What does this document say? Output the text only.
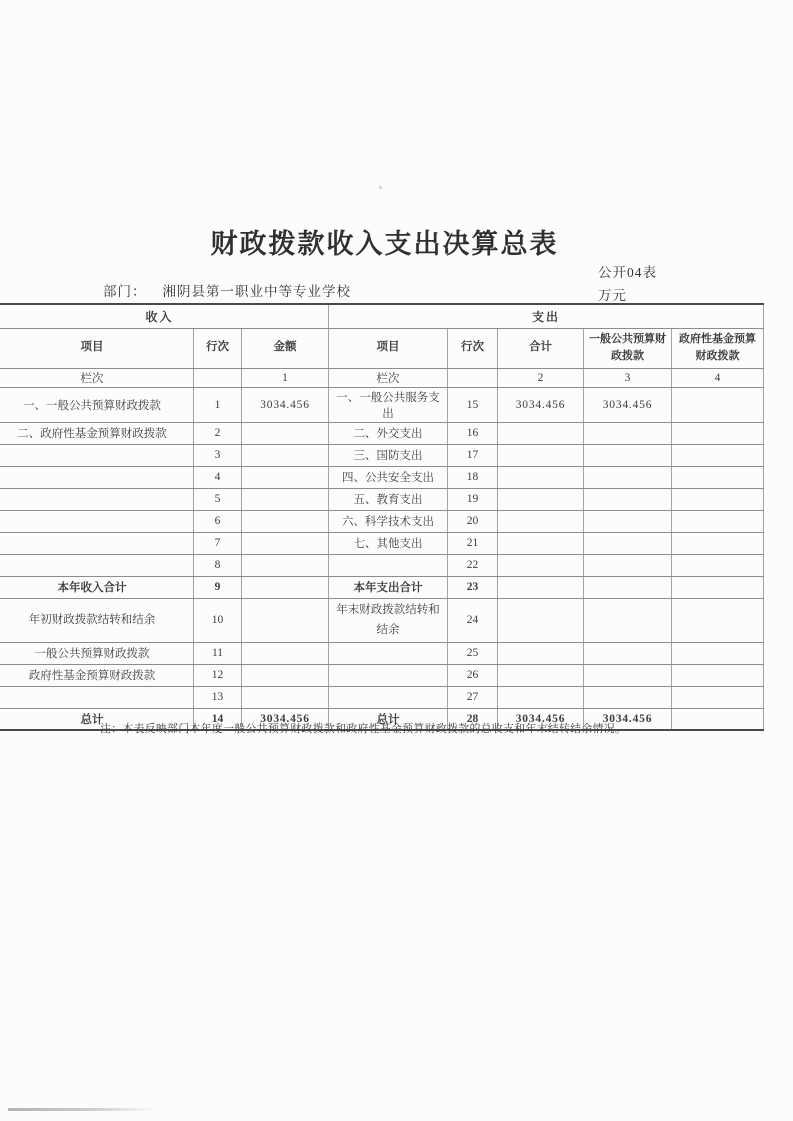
财政拨款收入支出决算总表
公开04表
万元
部门： 湘阴县第一职业中等专业学校
收入			支出				
项目	行次	金额	项目	行次	合计	一般公共预算财政拨款	政府性基金预算财政拨款
栏次		1	栏次		2	3	4
一、一般公共预算财政拨款	1	3034.456	一、一般公共服务支出	15	3034.456	3034.456	
二、政府性基金预算财政拨款	2		二、外交支出	16			
	3		三、国防支出	17			
	4		四、公共安全支出	18			
	5		五、教育支出	19			
	6		六、科学技术支出	20			
	7		七、其他支出	21			
	8			22			
本年收入合计	9		本年支出合计	23			
年初财政拨款结转和结余	10		年末财政拨款结转和结余	24			
一般公共预算财政拨款	11			25			
政府性基金预算财政拨款	12			26			
	13			27			
总计	14	3034.456	总计	28	3034.456	3034.456	
注：本表反映部门本年度一般公共预算财政拨款和政府性基金预算财政拨款的总收支和年末结转结余情况。
